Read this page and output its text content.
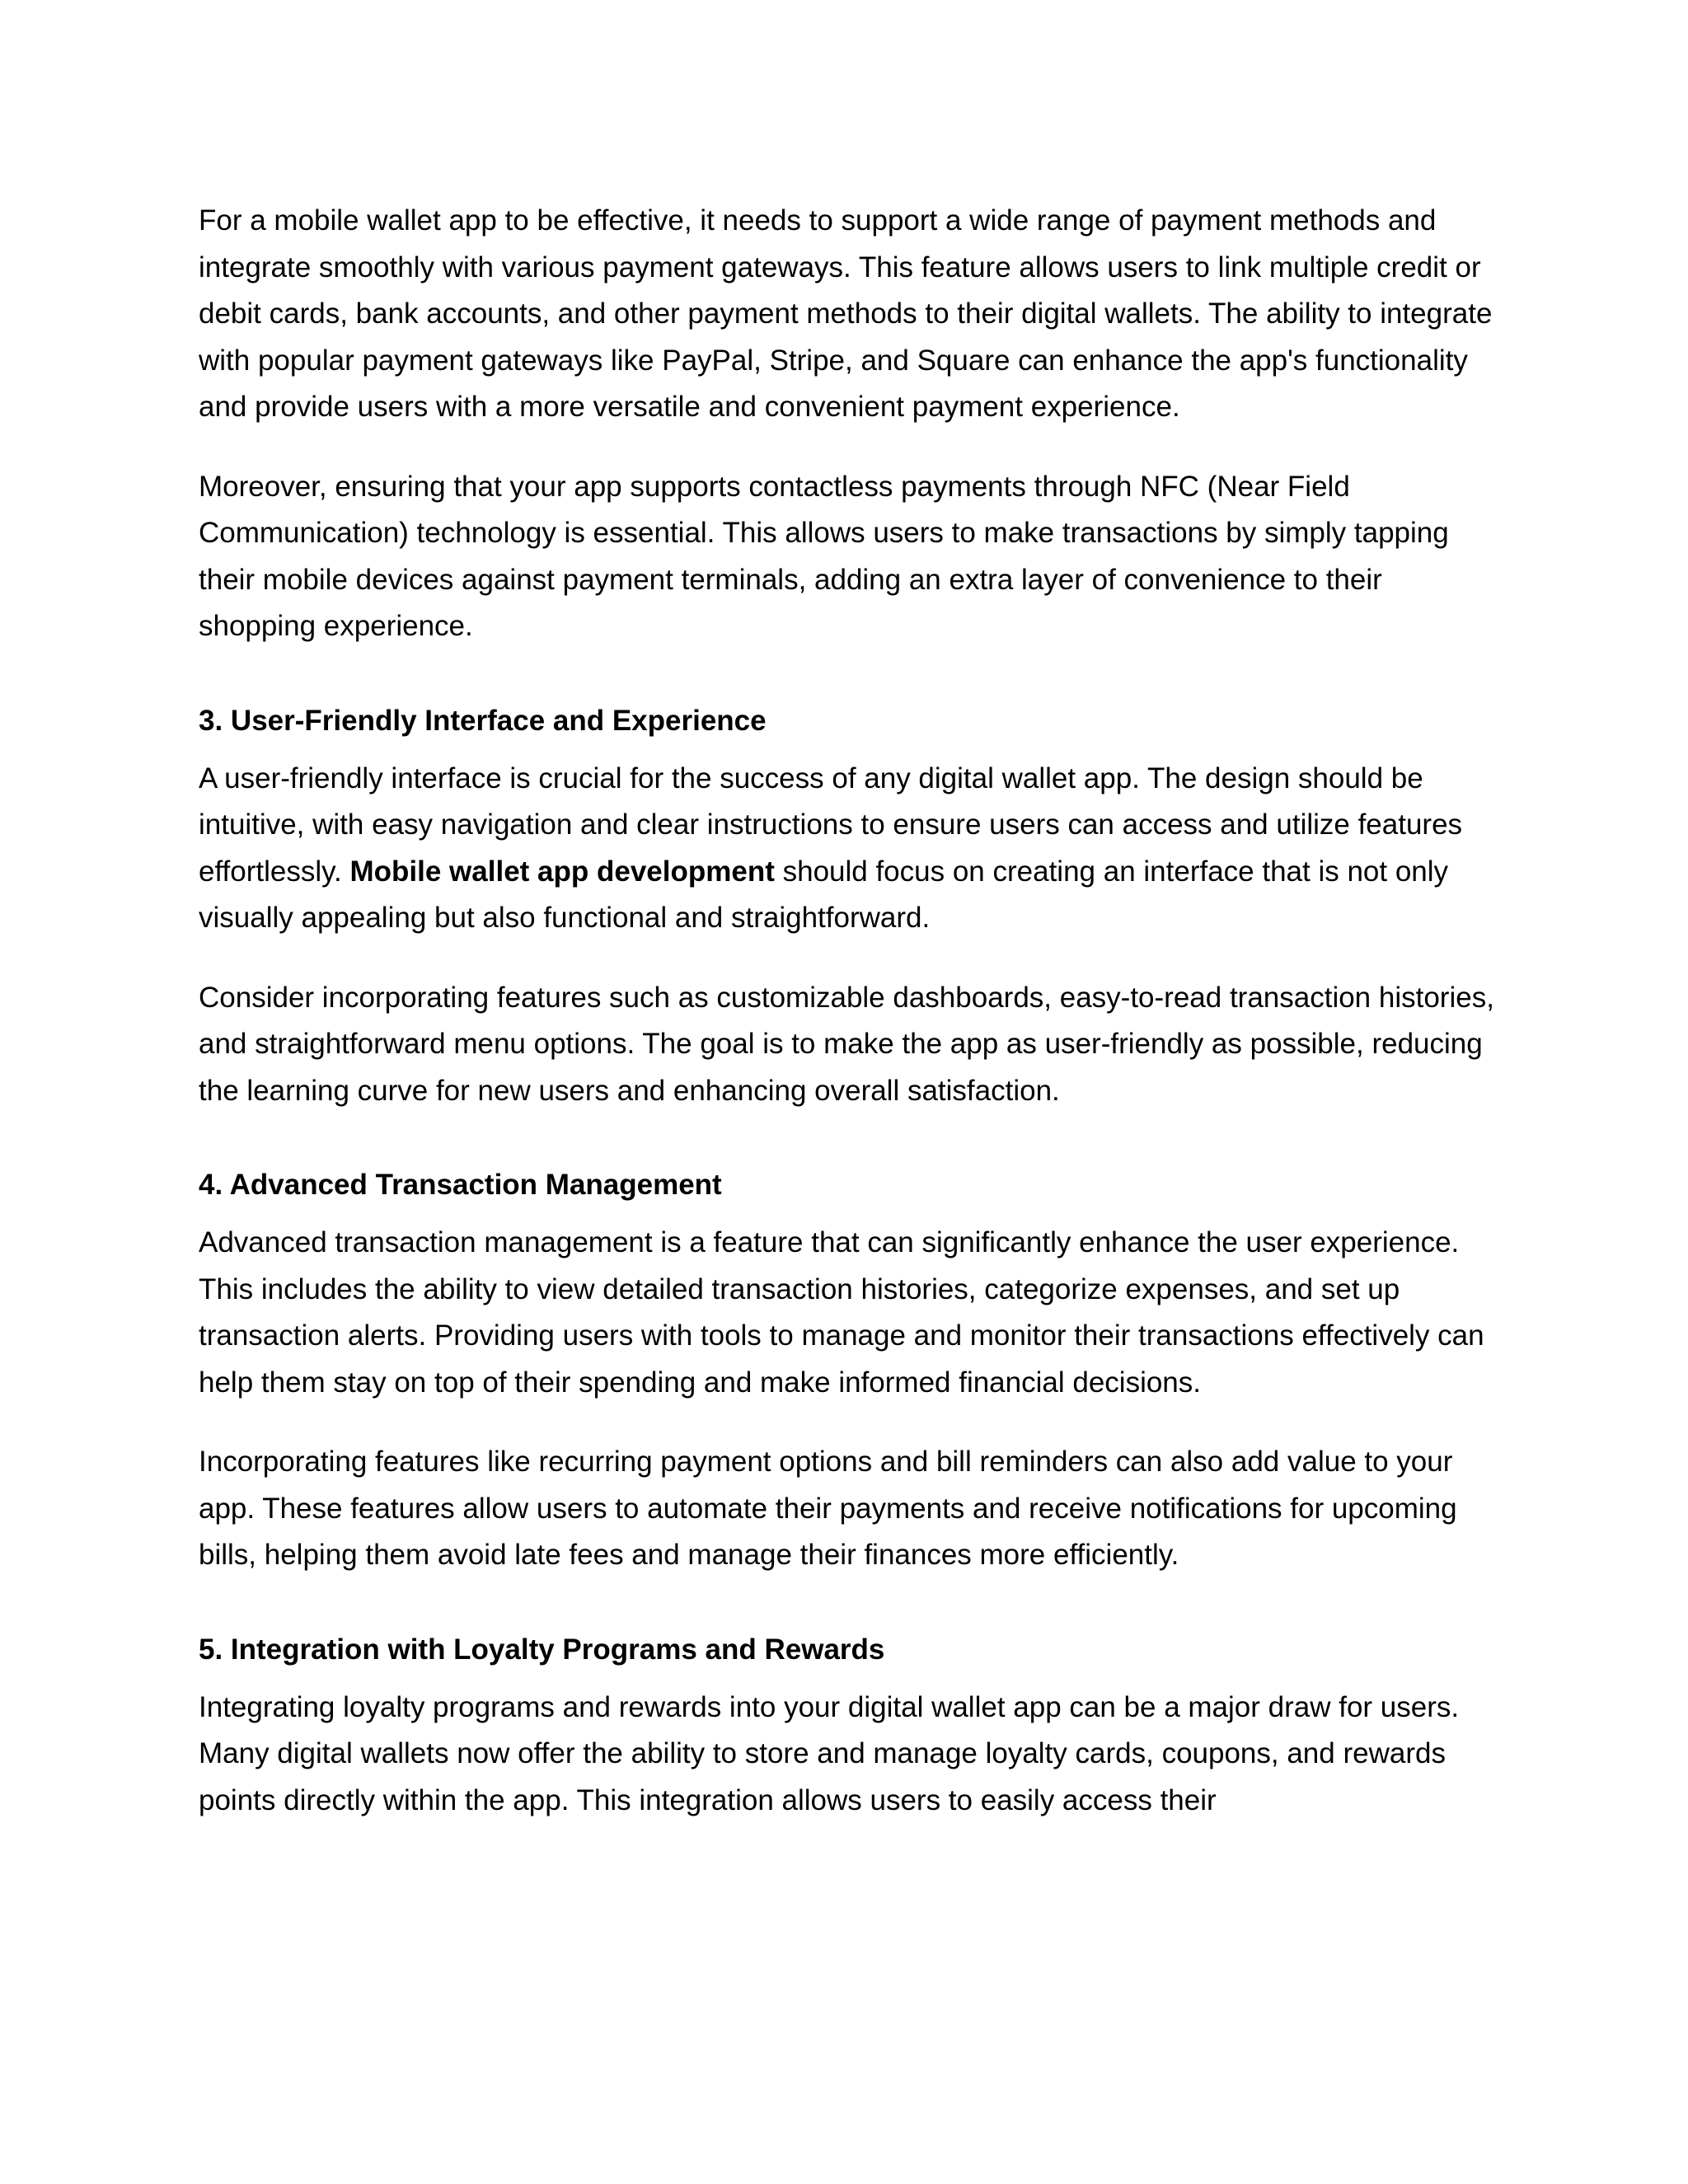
For a mobile wallet app to be effective, it needs to support a wide range of payment methods and integrate smoothly with various payment gateways. This feature allows users to link multiple credit or debit cards, bank accounts, and other payment methods to their digital wallets. The ability to integrate with popular payment gateways like PayPal, Stripe, and Square can enhance the app's functionality and provide users with a more versatile and convenient payment experience.

Moreover, ensuring that your app supports contactless payments through NFC (Near Field Communication) technology is essential. This allows users to make transactions by simply tapping their mobile devices against payment terminals, adding an extra layer of convenience to their shopping experience.

3. User-Friendly Interface and Experience

A user-friendly interface is crucial for the success of any digital wallet app. The design should be intuitive, with easy navigation and clear instructions to ensure users can access and utilize features effortlessly. Mobile wallet app development should focus on creating an interface that is not only visually appealing but also functional and straightforward.

Consider incorporating features such as customizable dashboards, easy-to-read transaction histories, and straightforward menu options. The goal is to make the app as user-friendly as possible, reducing the learning curve for new users and enhancing overall satisfaction.

4. Advanced Transaction Management

Advanced transaction management is a feature that can significantly enhance the user experience. This includes the ability to view detailed transaction histories, categorize expenses, and set up transaction alerts. Providing users with tools to manage and monitor their transactions effectively can help them stay on top of their spending and make informed financial decisions.

Incorporating features like recurring payment options and bill reminders can also add value to your app. These features allow users to automate their payments and receive notifications for upcoming bills, helping them avoid late fees and manage their finances more efficiently.

5. Integration with Loyalty Programs and Rewards

Integrating loyalty programs and rewards into your digital wallet app can be a major draw for users. Many digital wallets now offer the ability to store and manage loyalty cards, coupons, and rewards points directly within the app. This integration allows users to easily access their
